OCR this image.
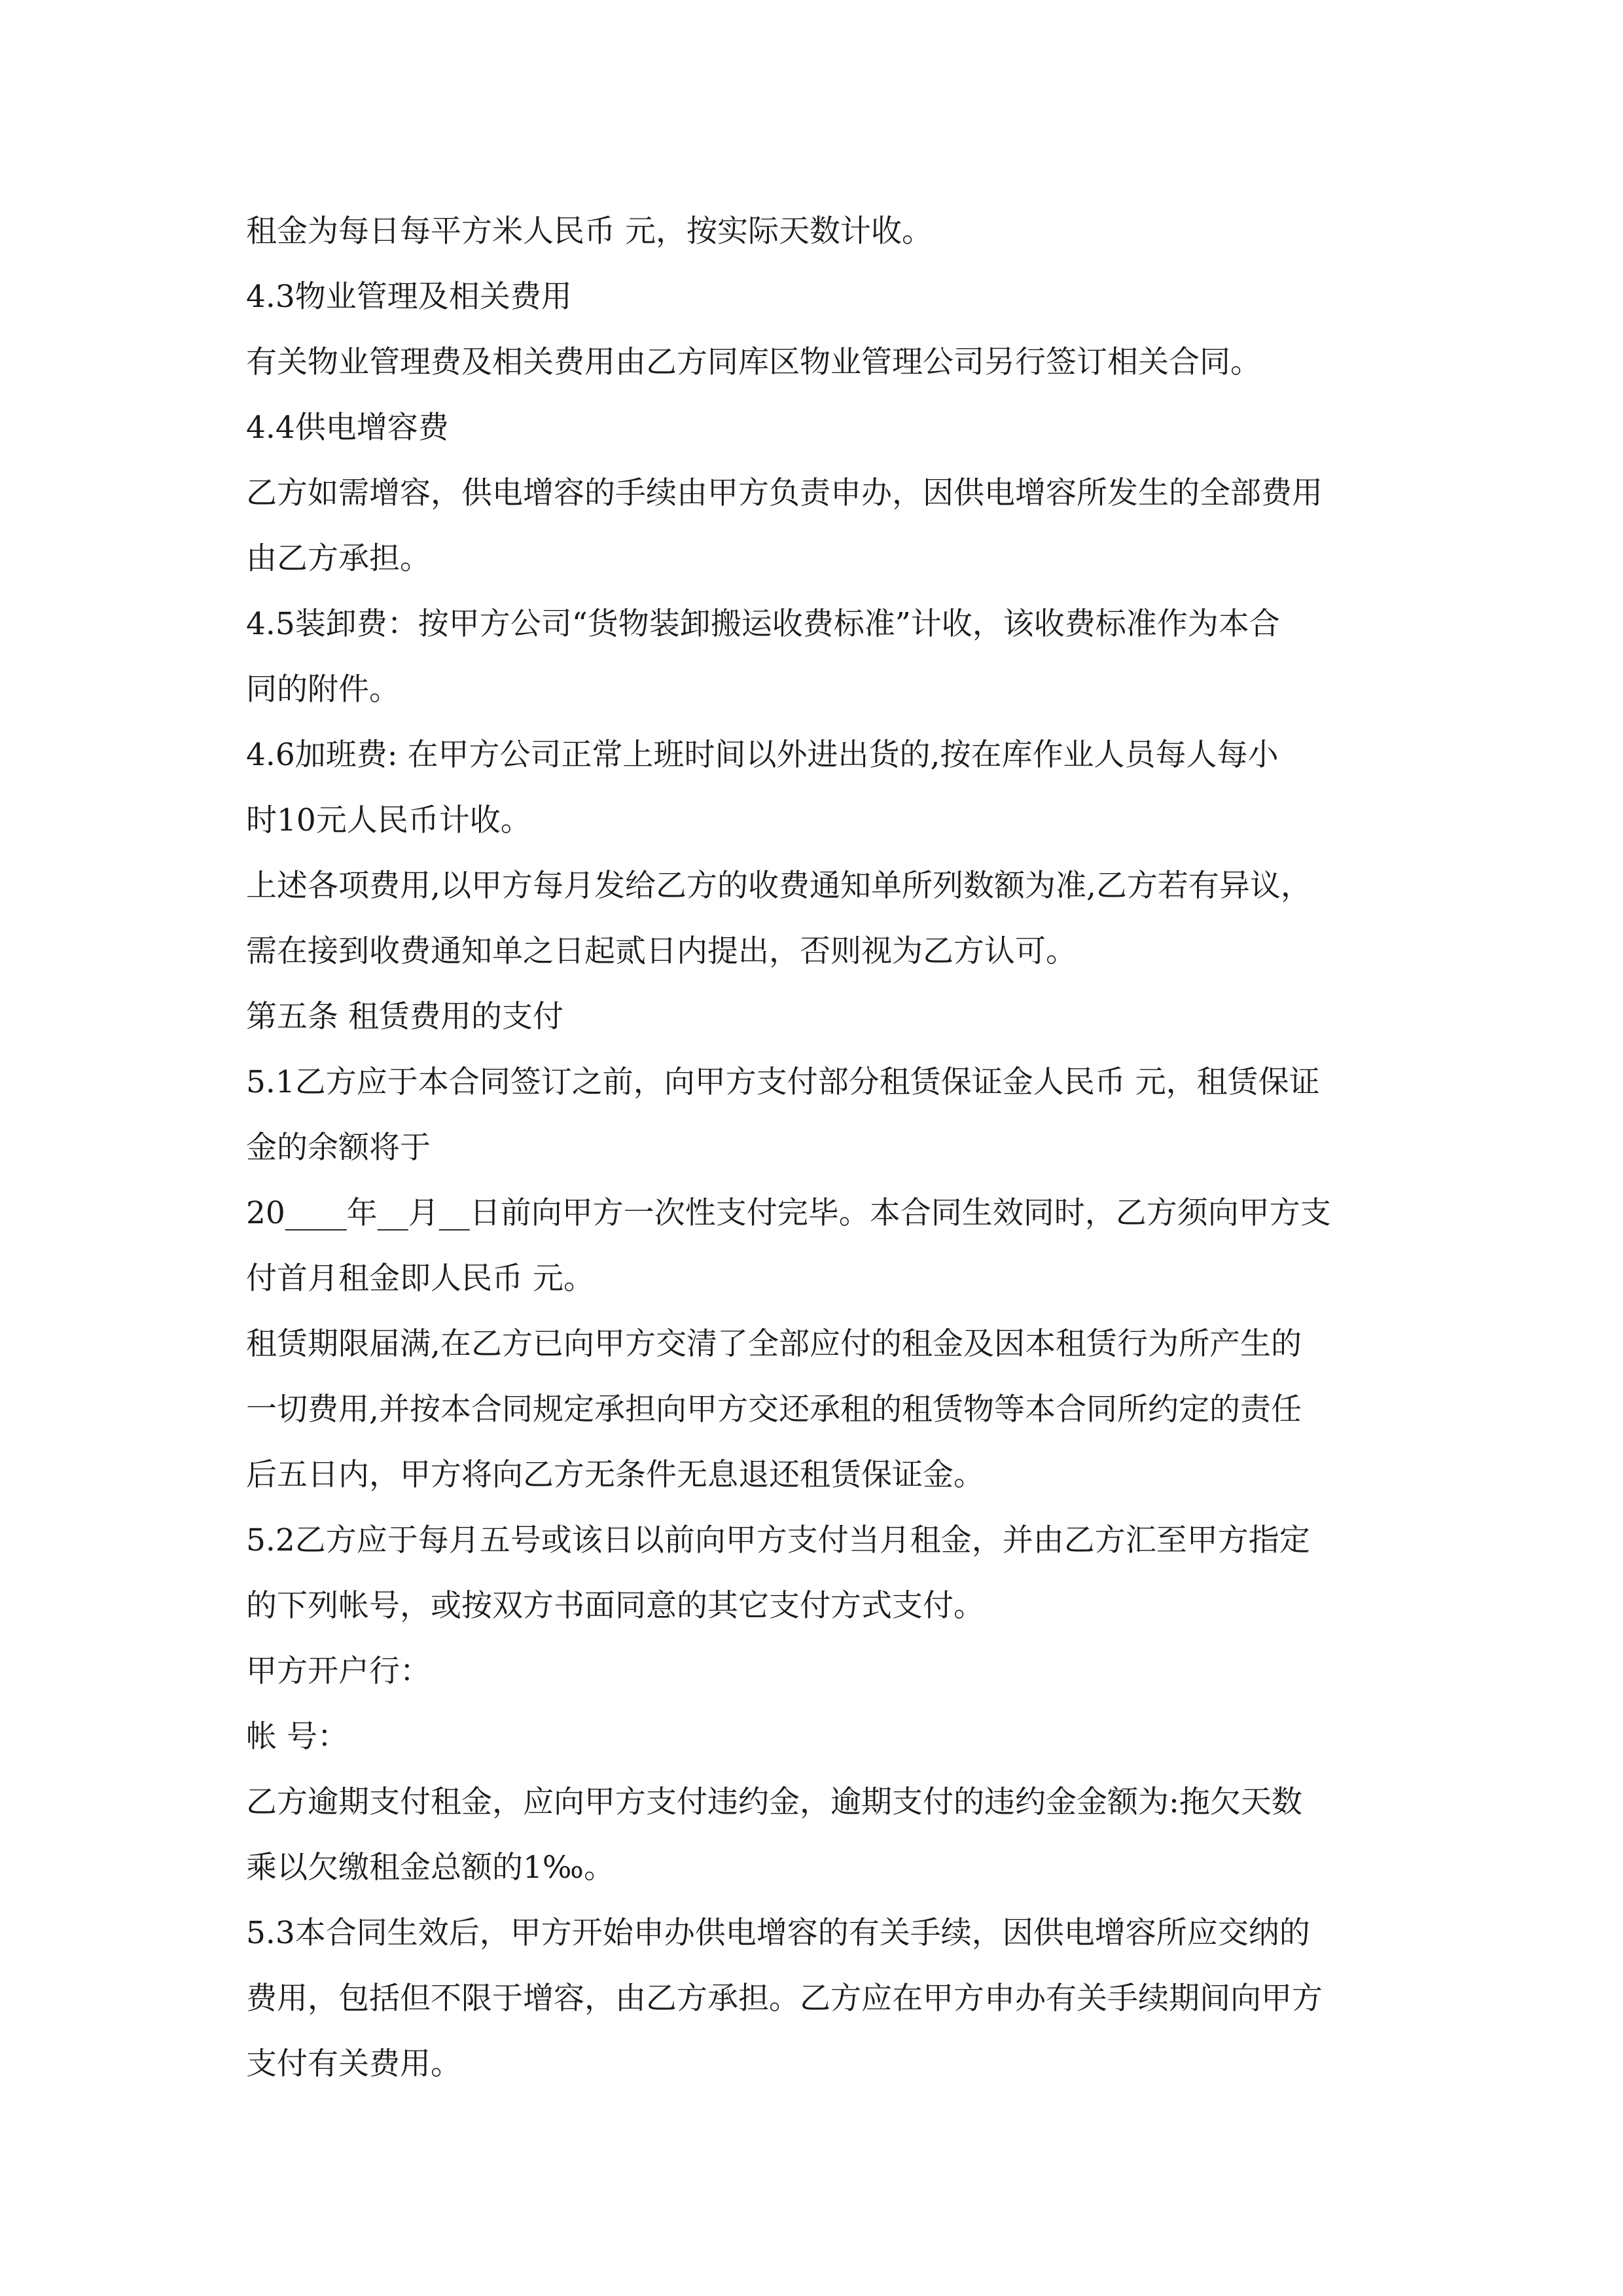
租金为每日每平方米人民币 元，按实际天数计收。

4.3物业管理及相关费用

有关物业管理费及相关费用由乙方同库区物业管理公司另行签订相关合同。

4.4供电增容费

乙方如需增容，供电增容的手续由甲方负责申办，因供电增容所发生的全部费用

由乙方承担。

4.5装卸费：按甲方公司“货物装卸搬运收费标准”计收，该收费标准作为本合

同的附件。

4.6加班费: 在甲方公司正常上班时间以外进出货的,按在库作业人员每人每小

时10元人民币计收。

上述各项费用,以甲方每月发给乙方的收费通知单所列数额为准,乙方若有异议，

需在接到收费通知单之日起贰日内提出，否则视为乙方认可。

第五条 租赁费用的支付

5.1乙方应于本合同签订之前，向甲方支付部分租赁保证金人民币 元，租赁保证

金的余额将于

20____年__月__日前向甲方一次性支付完毕。本合同生效同时，乙方须向甲方支

付首月租金即人民币 元。

租赁期限届满,在乙方已向甲方交清了全部应付的租金及因本租赁行为所产生的

一切费用,并按本合同规定承担向甲方交还承租的租赁物等本合同所约定的责任

后五日内，甲方将向乙方无条件无息退还租赁保证金。

5.2乙方应于每月五号或该日以前向甲方支付当月租金，并由乙方汇至甲方指定

的下列帐号，或按双方书面同意的其它支付方式支付。

甲方开户行：

帐 号：

乙方逾期支付租金，应向甲方支付违约金，逾期支付的违约金金额为:拖欠天数

乘以欠缴租金总额的1‰。

5.3本合同生效后，甲方开始申办供电增容的有关手续，因供电增容所应交纳的

费用，包括但不限于增容，由乙方承担。乙方应在甲方申办有关手续期间向甲方

支付有关费用。
